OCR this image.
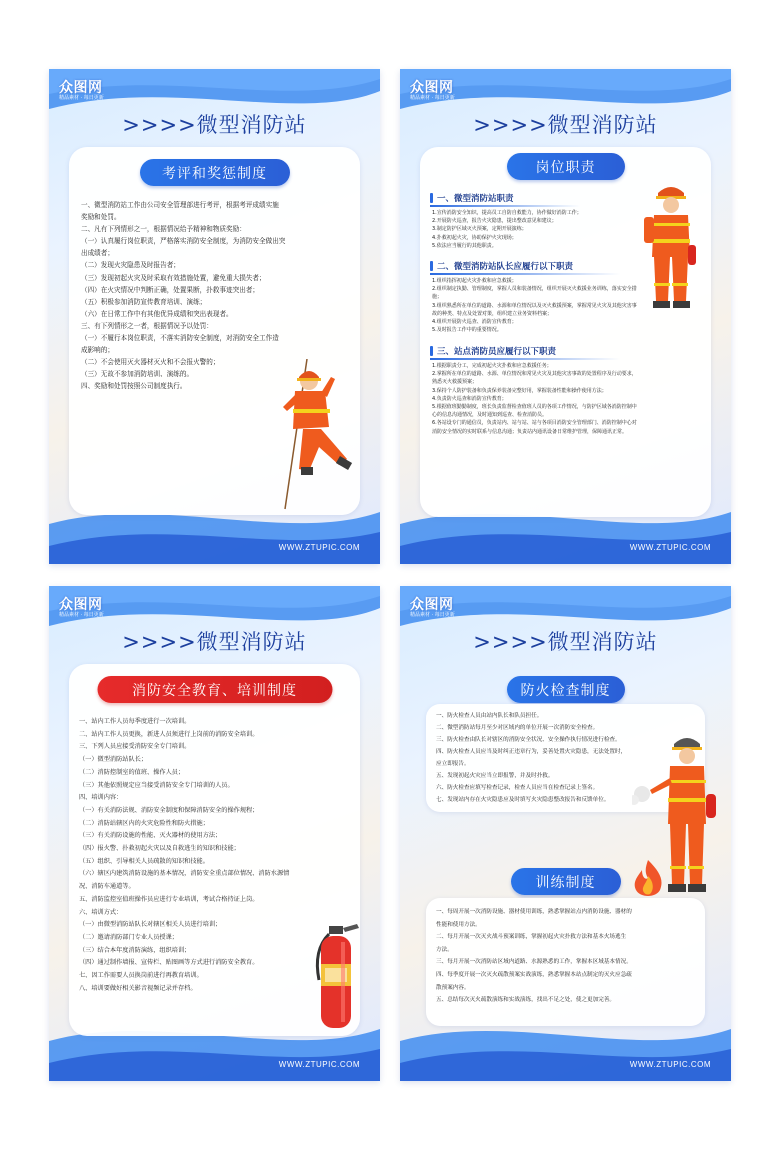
众图网
精品素材 · 每日更新
>>>>微型消防站
考评和奖惩制度
一、微型消防站工作由公司安全管理部进行考评，根据考评成绩实施
奖励和处罚。
二、凡有下列情形之一，根据情况给予精神和物质奖励：
（一）认真履行岗位职责，严格落实消防安全制度，为消防安全做出突
出成绩者；
（二）发现火灾隐患及时报告者；
（三）发现初起火灾及时采取有效措施处置，避免重大损失者；
（四）在火灾情况中判断正确，处置果断，扑救事迹突出者；
（五）积极参加消防宣传教育培训、演练；
（六）在日常工作中有其他优异成绩和突出表现者。
三、有下列情形之一者，根据情况予以处罚：
（一）不履行本岗位职责，不落实消防安全制度，对消防安全工作造
成影响的；
（二）不会使用灭火器材灭火和不会报火警的；
（三）无故不参加消防培训、演练的。
四、奖励和处罚按照公司制度执行。
WWW.ZTUPIC.COM
众图网
精品素材 · 每日更新
>>>>微型消防站
岗位职责
一、微型消防站职责
1.宣传消防安全知识，提高员工自防自救能力，协作做好消防工作；
2.开展防火巡查，报告火灾隐患，提出整改意见和建议；
3.制定防护区域灭火预案，定期开展演练；
4.扑救初起火灾，协助保护火灾现场；
5.依法应当履行的其他职责。
二、微型消防站队长应履行以下职责
1.组织指挥初起火灾扑救和应急救援；
2.组织制定执勤、管理制度，掌握人员和装备情况，组织开展灭火救援业务训练，落实安全措
施；
3.组织熟悉所在单位的道路、水源和单位情况以及灭火救援预案，掌握常见火灾及其他灾害事
故的种类、特点及处置对策，组织建立业务资料档案；
4.组织开展防火巡查、消防宣传教育；
5.及时报告工作中的重要情况。
三、站点消防员应履行以下职责
1.根据职责分工，完成初起火灾扑救和应急救援任务；
2.掌握所在单位的道路、水源、单位情况和常见火灾及其他灾害事故的处置程序及行动要求，
熟悉灭火救援预案；
3.保持个人防护装备和负责保养装备完整好用，掌握装备性能和操作使用方法；
4.负责防火巡查和消防宣传教育；
5.根据值班勤勤制度，班长负责监督检查值班人员的各项工作情况，与防护区域各消防控制中
心的信息沟通情况，及时通知到巡查、检查消防员。
6.各站设专门的通信员，负责站内、站与站、站与各项目消防安全管理部门、消防控制中心对
消防安全情况的实时联系与信息沟通；负责站内通讯设备日常维护管理，保障通讯正常。
WWW.ZTUPIC.COM
众图网
精品素材 · 每日更新
>>>>微型消防站
消防安全教育、培训制度
一、站内工作人员每季度进行一次培训。
二、站内工作人员更换，新进人员须进行上岗前的消防安全培训。
三、下列人员应接受消防安全专门培训。
（一）微型消防站队长；
（二）消防控制室的值班、操作人员；
（三）其他依照规定应当接受消防安全专门培训的人员。
四、培训内容：
（一）有关消防法规、消防安全制度和保障消防安全的操作规程；
（二）消防站辖区内的火灾危险性和防火措施；
（三）有关消防设施的性能、灭火器材的使用方法；
（四）报火警、扑救初起火灾以及自救逃生的知识和技能；
（五）组织、引导相关人员疏散的知识和技能。
（六）辖区内建筑消防设施的基本情况，消防安全重点部位情况、消防水源情
况、消防车通道等。
五、消防监控室值班操作员应进行专业培训，考试合格持证上岗。
六、培训方式：
（一）由微型消防站队长对辖区相关人员进行培训；
（二）邀请消防部门专业人员授课；
（三）结合本年度消防演练，组织培训；
（四）通过制作墙报、宣传栏、贴图画等方式进行消防安全教育。
七、因工作需要人员换岗前进行再教育培训。
八、培训要做好相关影音视频记录并存档。
WWW.ZTUPIC.COM
众图网
精品素材 · 每日更新
>>>>微型消防站
防火检查制度
一、防火检查人员由站内队长和队员担任。
二、微型消防站每月至少对区域内的单位开展一次消防安全检查。
三、防火检查由队长对辖区的消防安全状况、安全操作执行情况进行检查。
四、防火检查人员应当及时纠正违章行为，妥善处置火灾隐患，无法处置时，
应立即报告。
五、发现初起火灾应当立即报警，并及时扑救。
六、防火检查应填写检查记录，检查人员应当在检查记录上签名。
七、发现站内存在火灾隐患应及时填写火灾隐患整改报告和反馈单位。
训练制度
一、每周开展一次消防设施、器材使用训练，熟悉掌握站点内消防设施、器材的
性能和使用方法。
二、每月开展一次灭火战斗预案训练，掌握初起火灾扑救方法和基本火场逃生
方法。
三、每月开展一次消防站区域内道路、水源熟悉的工作，掌握本区域基本情况。
四、每季度开展一次灭火疏散预案实战演练，熟悉掌握本站点制定的灭火应急疏
散预案内容。
五、总结每次灭火疏散演练和实战演练，找出不足之处，使之更加完善。
WWW.ZTUPIC.COM
